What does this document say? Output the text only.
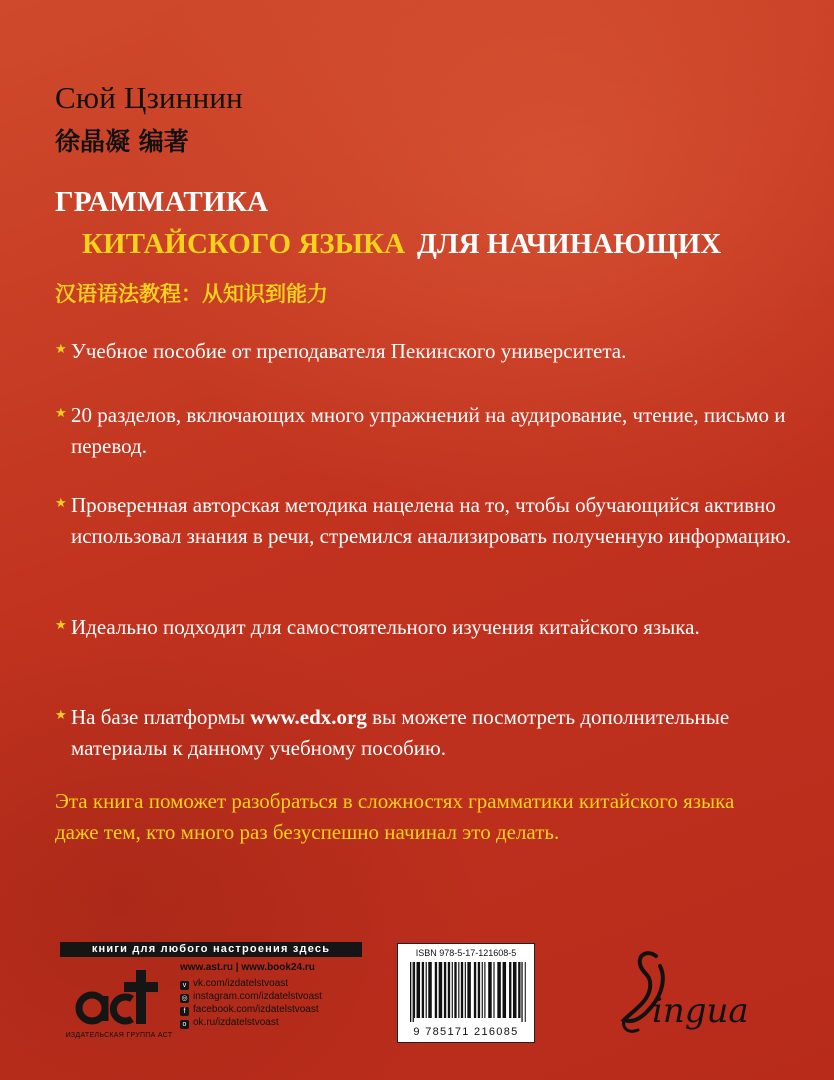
Сюй Цзиннин
徐晶凝 编著
ГРАММАТИКА
КИТАЙСКОГО ЯЗЫКА ДЛЯ НАЧИНАЮЩИХ
汉语语法教程：从知识到能力
★ Учебное пособие от преподавателя Пекинского университета.
★ 20 разделов, включающих много упражнений на аудирование, чтение, письмо и перевод.
★ Проверенная авторская методика нацелена на то, чтобы обучающийся активно использовал знания в речи, стремился анализировать полученную информацию.
★ Идеально подходит для самостоятельного изучения китайского языка.
★ На базе платформы www.edx.org вы можете посмотреть дополнительные материалы к данному учебному пособию.

Эта книга поможет разобраться в сложностях грамматики китайского языка даже тем, кто много раз безуспешно начинал это делать.

книги для любого настроения здесь
ИЗДАТЕЛЬСКАЯ ГРУППА АСТ
www.ast.ru | www.book24.ru
v vk.com/izdatelstvoast
◎ instagram.com/izdatelstvoast
f facebook.com/izdatelstvoast
o ok.ru/izdatelstvoast
ISBN 978-5-17-121608-5
9 785171 216085
ingua
